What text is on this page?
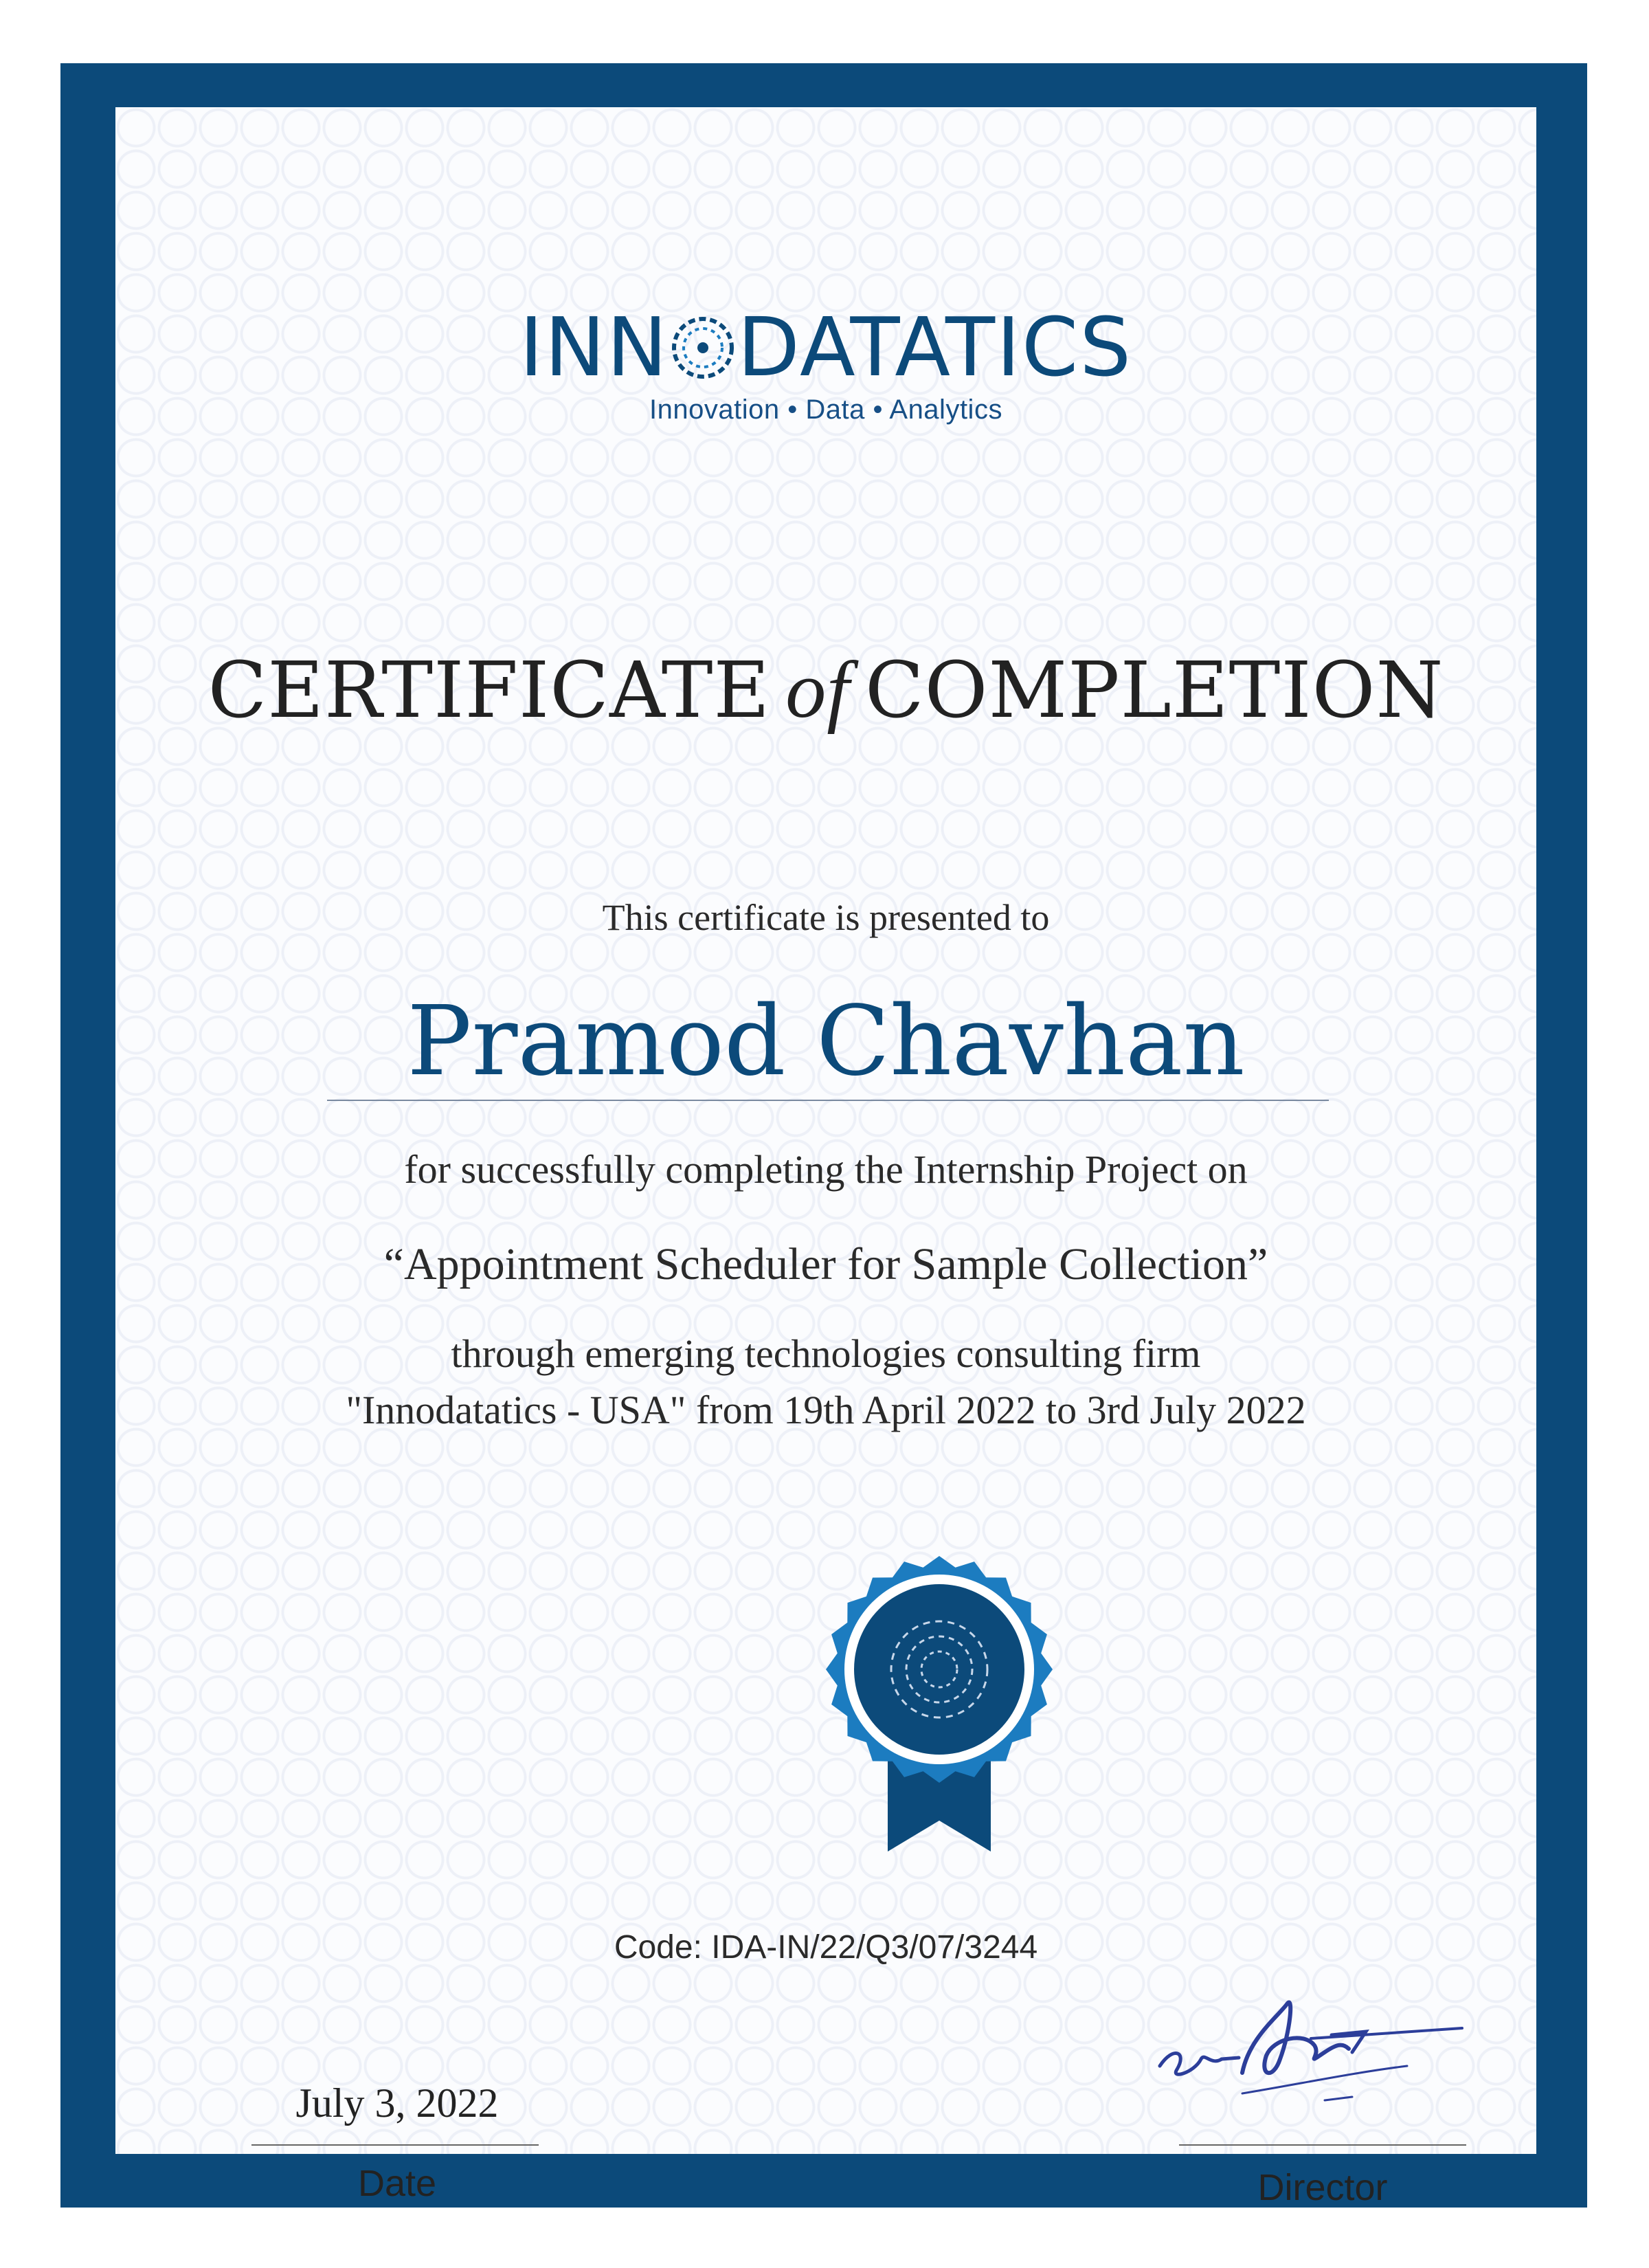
INN DATATICS
Innovation • Data • Analytics
CERTIFICATE of COMPLETION
This certificate is presented to
Pramod Chavhan
for successfully completing the Internship Project on
“Appointment Scheduler for Sample Collection”
through emerging technologies consulting firm
"Innodatatics - USA" from 19th April 2022 to 3rd July 2022
Code: IDA-IN/22/Q3/07/3244
July 3, 2022
Date	Director
